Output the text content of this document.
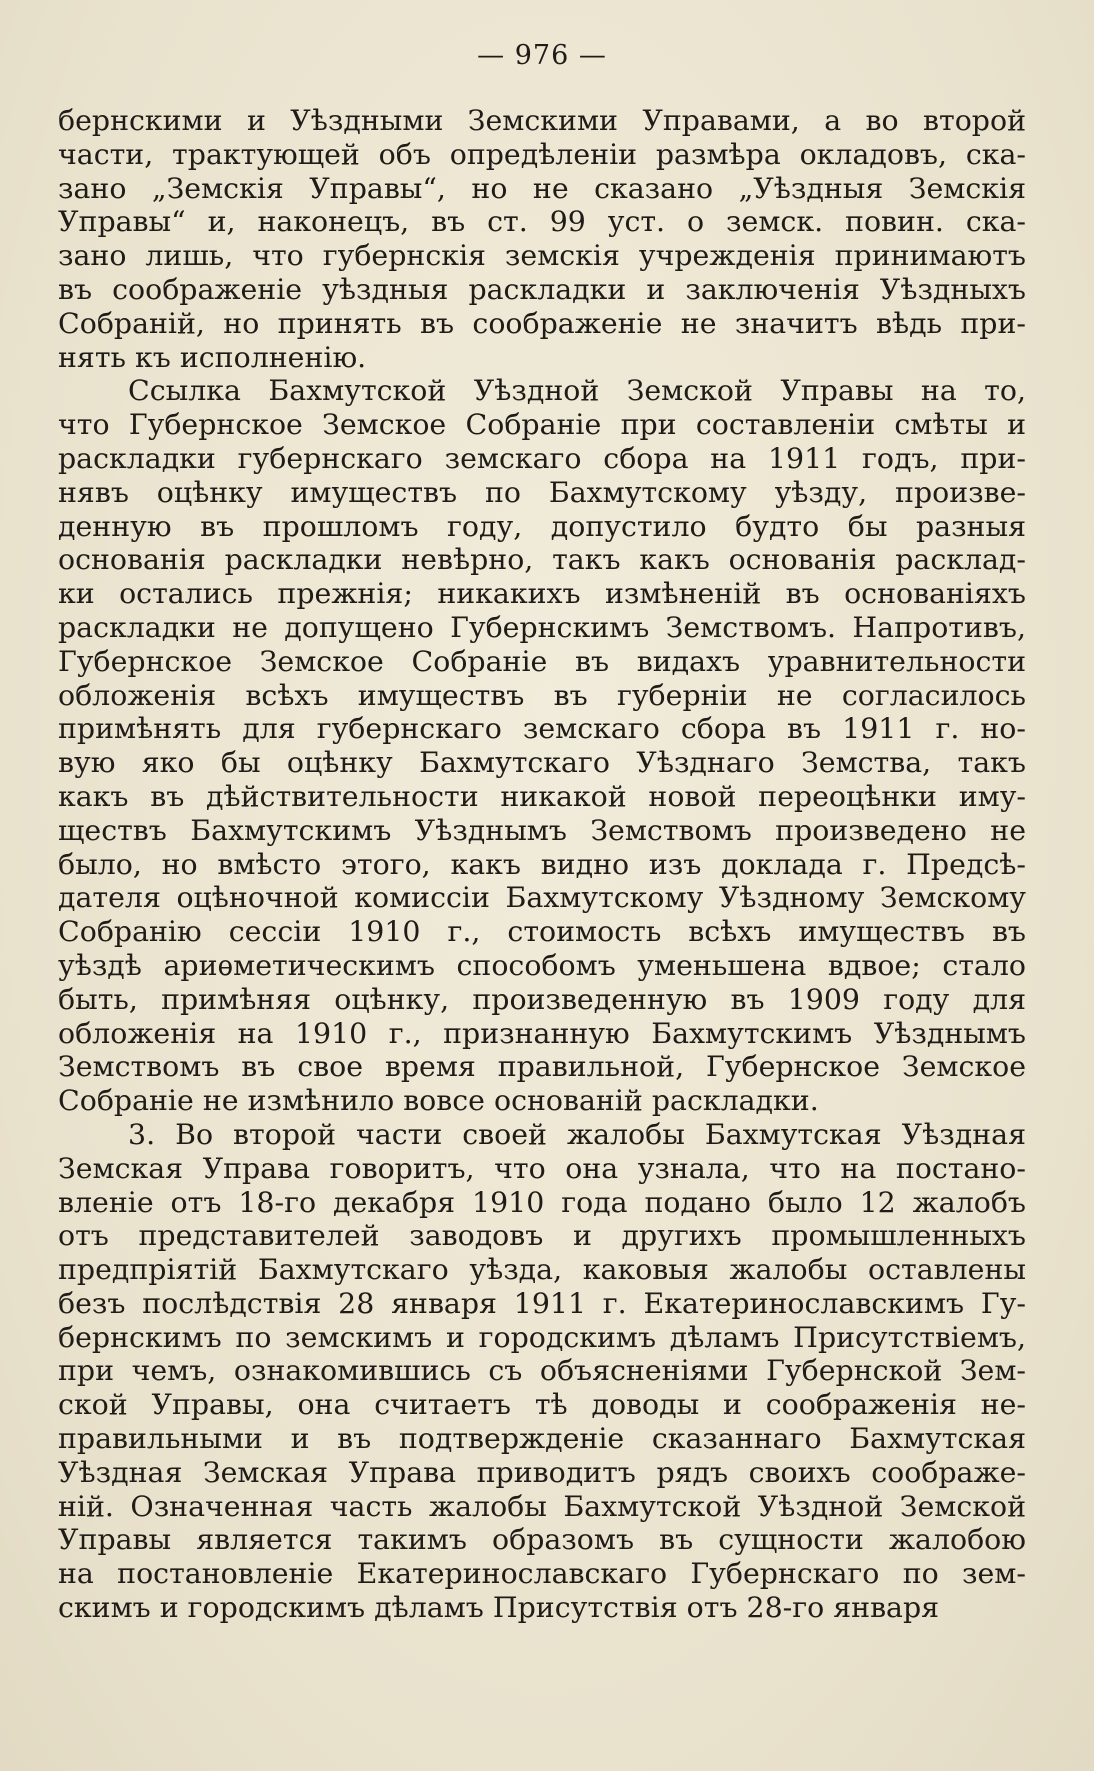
— 976 —

бернскими и Уѣздными Земскими Управами, а во второй
части, трактующей объ опредѣленіи размѣра окладовъ, ска-
зано „Земскія Управы“, но не сказано „Уѣздныя Земскія
Управы“ и, наконецъ, въ ст. 99 уст. о земск. повин. ска-
зано лишь, что губернскія земскія учрежденія принимаютъ
въ соображеніе уѣздныя раскладки и заключенія Уѣздныхъ
Собраній, но принять въ соображеніе не значитъ вѣдь при-
нять къ исполненію.

Ссылка Бахмутской Уѣздной Земской Управы на то,
что Губернское Земское Собраніе при составленіи смѣты и
раскладки губернскаго земскаго сбора на 1911 годъ, при-
нявъ оцѣнку имуществъ по Бахмутскому уѣзду, произве-
денную въ прошломъ году, допустило будто бы разныя
основанія раскладки невѣрно, такъ какъ основанія расклад-
ки остались прежнія; никакихъ измѣненій въ основаніяхъ
раскладки не допущено Губернскимъ Земствомъ. Напротивъ,
Губернское Земское Собраніе въ видахъ уравнительности
обложенія всѣхъ имуществъ въ губерніи не согласилось
примѣнять для губернскаго земскаго сбора въ 1911 г. но-
вую яко бы оцѣнку Бахмутскаго Уѣзднаго Земства, такъ
какъ въ дѣйствительности никакой новой переоцѣнки иму-
ществъ Бахмутскимъ Уѣзднымъ Земствомъ произведено не
было, но вмѣсто этого, какъ видно изъ доклада г. Предсѣ-
дателя оцѣночной комиссіи Бахмутскому Уѣздному Земскому
Собранію сессіи 1910 г., стоимость всѣхъ имуществъ въ
уѣздѣ ариѳметическимъ способомъ уменьшена вдвое; стало
быть, примѣняя оцѣнку, произведенную въ 1909 году для
обложенія на 1910 г., признанную Бахмутскимъ Уѣзднымъ
Земствомъ въ свое время правильной, Губернское Земское
Собраніе не измѣнило вовсе основаній раскладки.

3. Во второй части своей жалобы Бахмутская Уѣздная
Земская Управа говоритъ, что она узнала, что на постано-
вленіе отъ 18-го декабря 1910 года подано было 12 жалобъ
отъ представителей заводовъ и другихъ промышленныхъ
предпріятій Бахмутскаго уѣзда, каковыя жалобы оставлены
безъ послѣдствія 28 января 1911 г. Екатеринославскимъ Гу-
бернскимъ по земскимъ и городскимъ дѣламъ Присутствіемъ,
при чемъ, ознакомившись съ объясненіями Губернской Зем-
ской Управы, она считаетъ тѣ доводы и соображенія не-
правильными и въ подтвержденіе сказаннаго Бахмутская
Уѣздная Земская Управа приводитъ рядъ своихъ соображе-
ній. Означенная часть жалобы Бахмутской Уѣздной Земской
Управы является такимъ образомъ въ сущности жалобою
на постановленіе Екатеринославскаго Губернскаго по зем-
скимъ и городскимъ дѣламъ Присутствія отъ 28-го января
